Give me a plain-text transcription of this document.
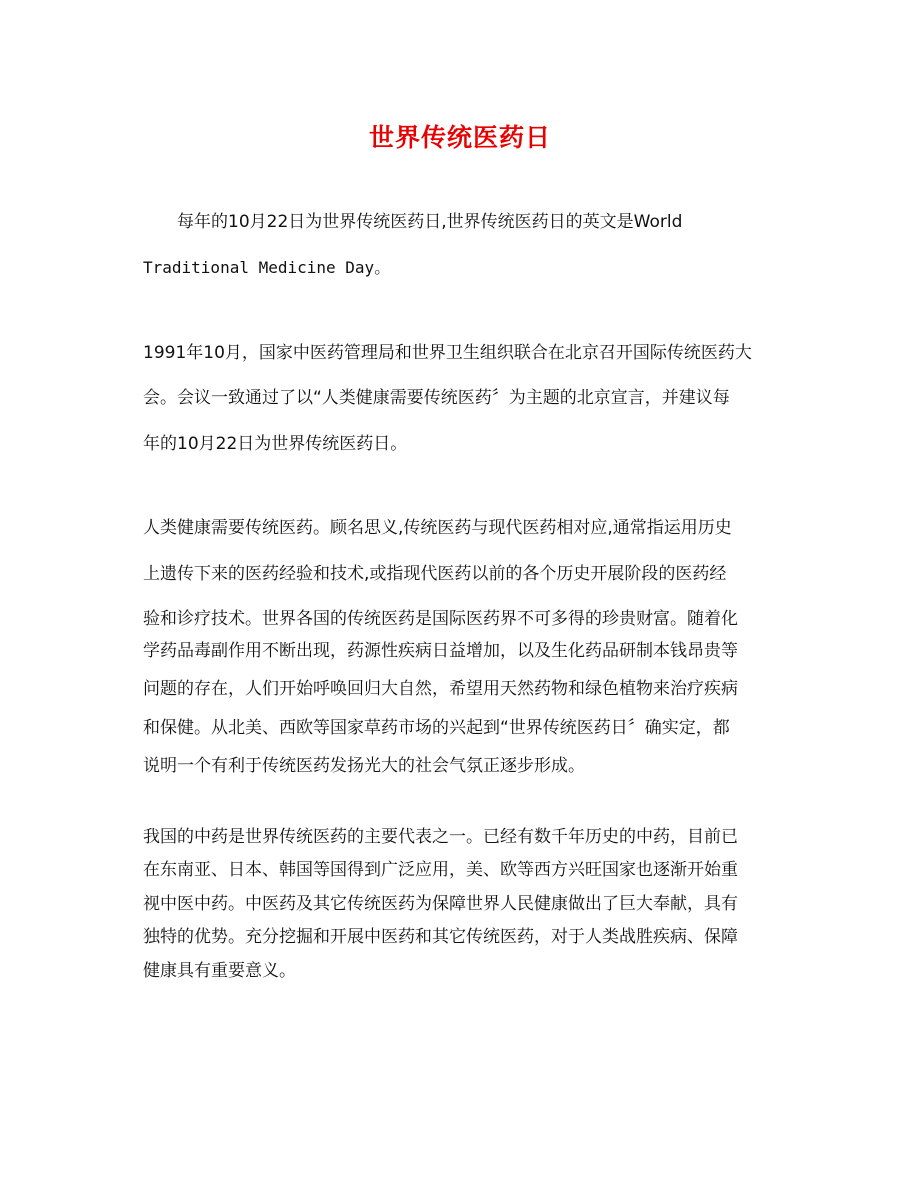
世界传统医药日

每年的10月22日为世界传统医药日,世界传统医药日的英文是World

Traditional Medicine Day。

1991年10月，国家中医药管理局和世界卫生组织联合在北京召开国际传统医药大

会。会议一致通过了以“人类健康需要传统医药〞为主题的北京宣言，并建议每

年的10月22日为世界传统医药日。

人类健康需要传统医药。顾名思义,传统医药与现代医药相对应,通常指运用历史

上遗传下来的医药经验和技术,或指现代医药以前的各个历史开展阶段的医药经

验和诊疗技术。世界各国的传统医药是国际医药界不可多得的珍贵财富。随着化

学药品毒副作用不断出现，药源性疾病日益增加，以及生化药品研制本钱昂贵等

问题的存在，人们开始呼唤回归大自然，希望用天然药物和绿色植物来治疗疾病

和保健。从北美、西欧等国家草药市场的兴起到“世界传统医药日〞确实定，都

说明一个有利于传统医药发扬光大的社会气氛正逐步形成。

我国的中药是世界传统医药的主要代表之一。已经有数千年历史的中药，目前已

在东南亚、日本、韩国等国得到广泛应用，美、欧等西方兴旺国家也逐渐开始重

视中医中药。中医药及其它传统医药为保障世界人民健康做出了巨大奉献，具有

独特的优势。充分挖掘和开展中医药和其它传统医药，对于人类战胜疾病、保障

健康具有重要意义。
